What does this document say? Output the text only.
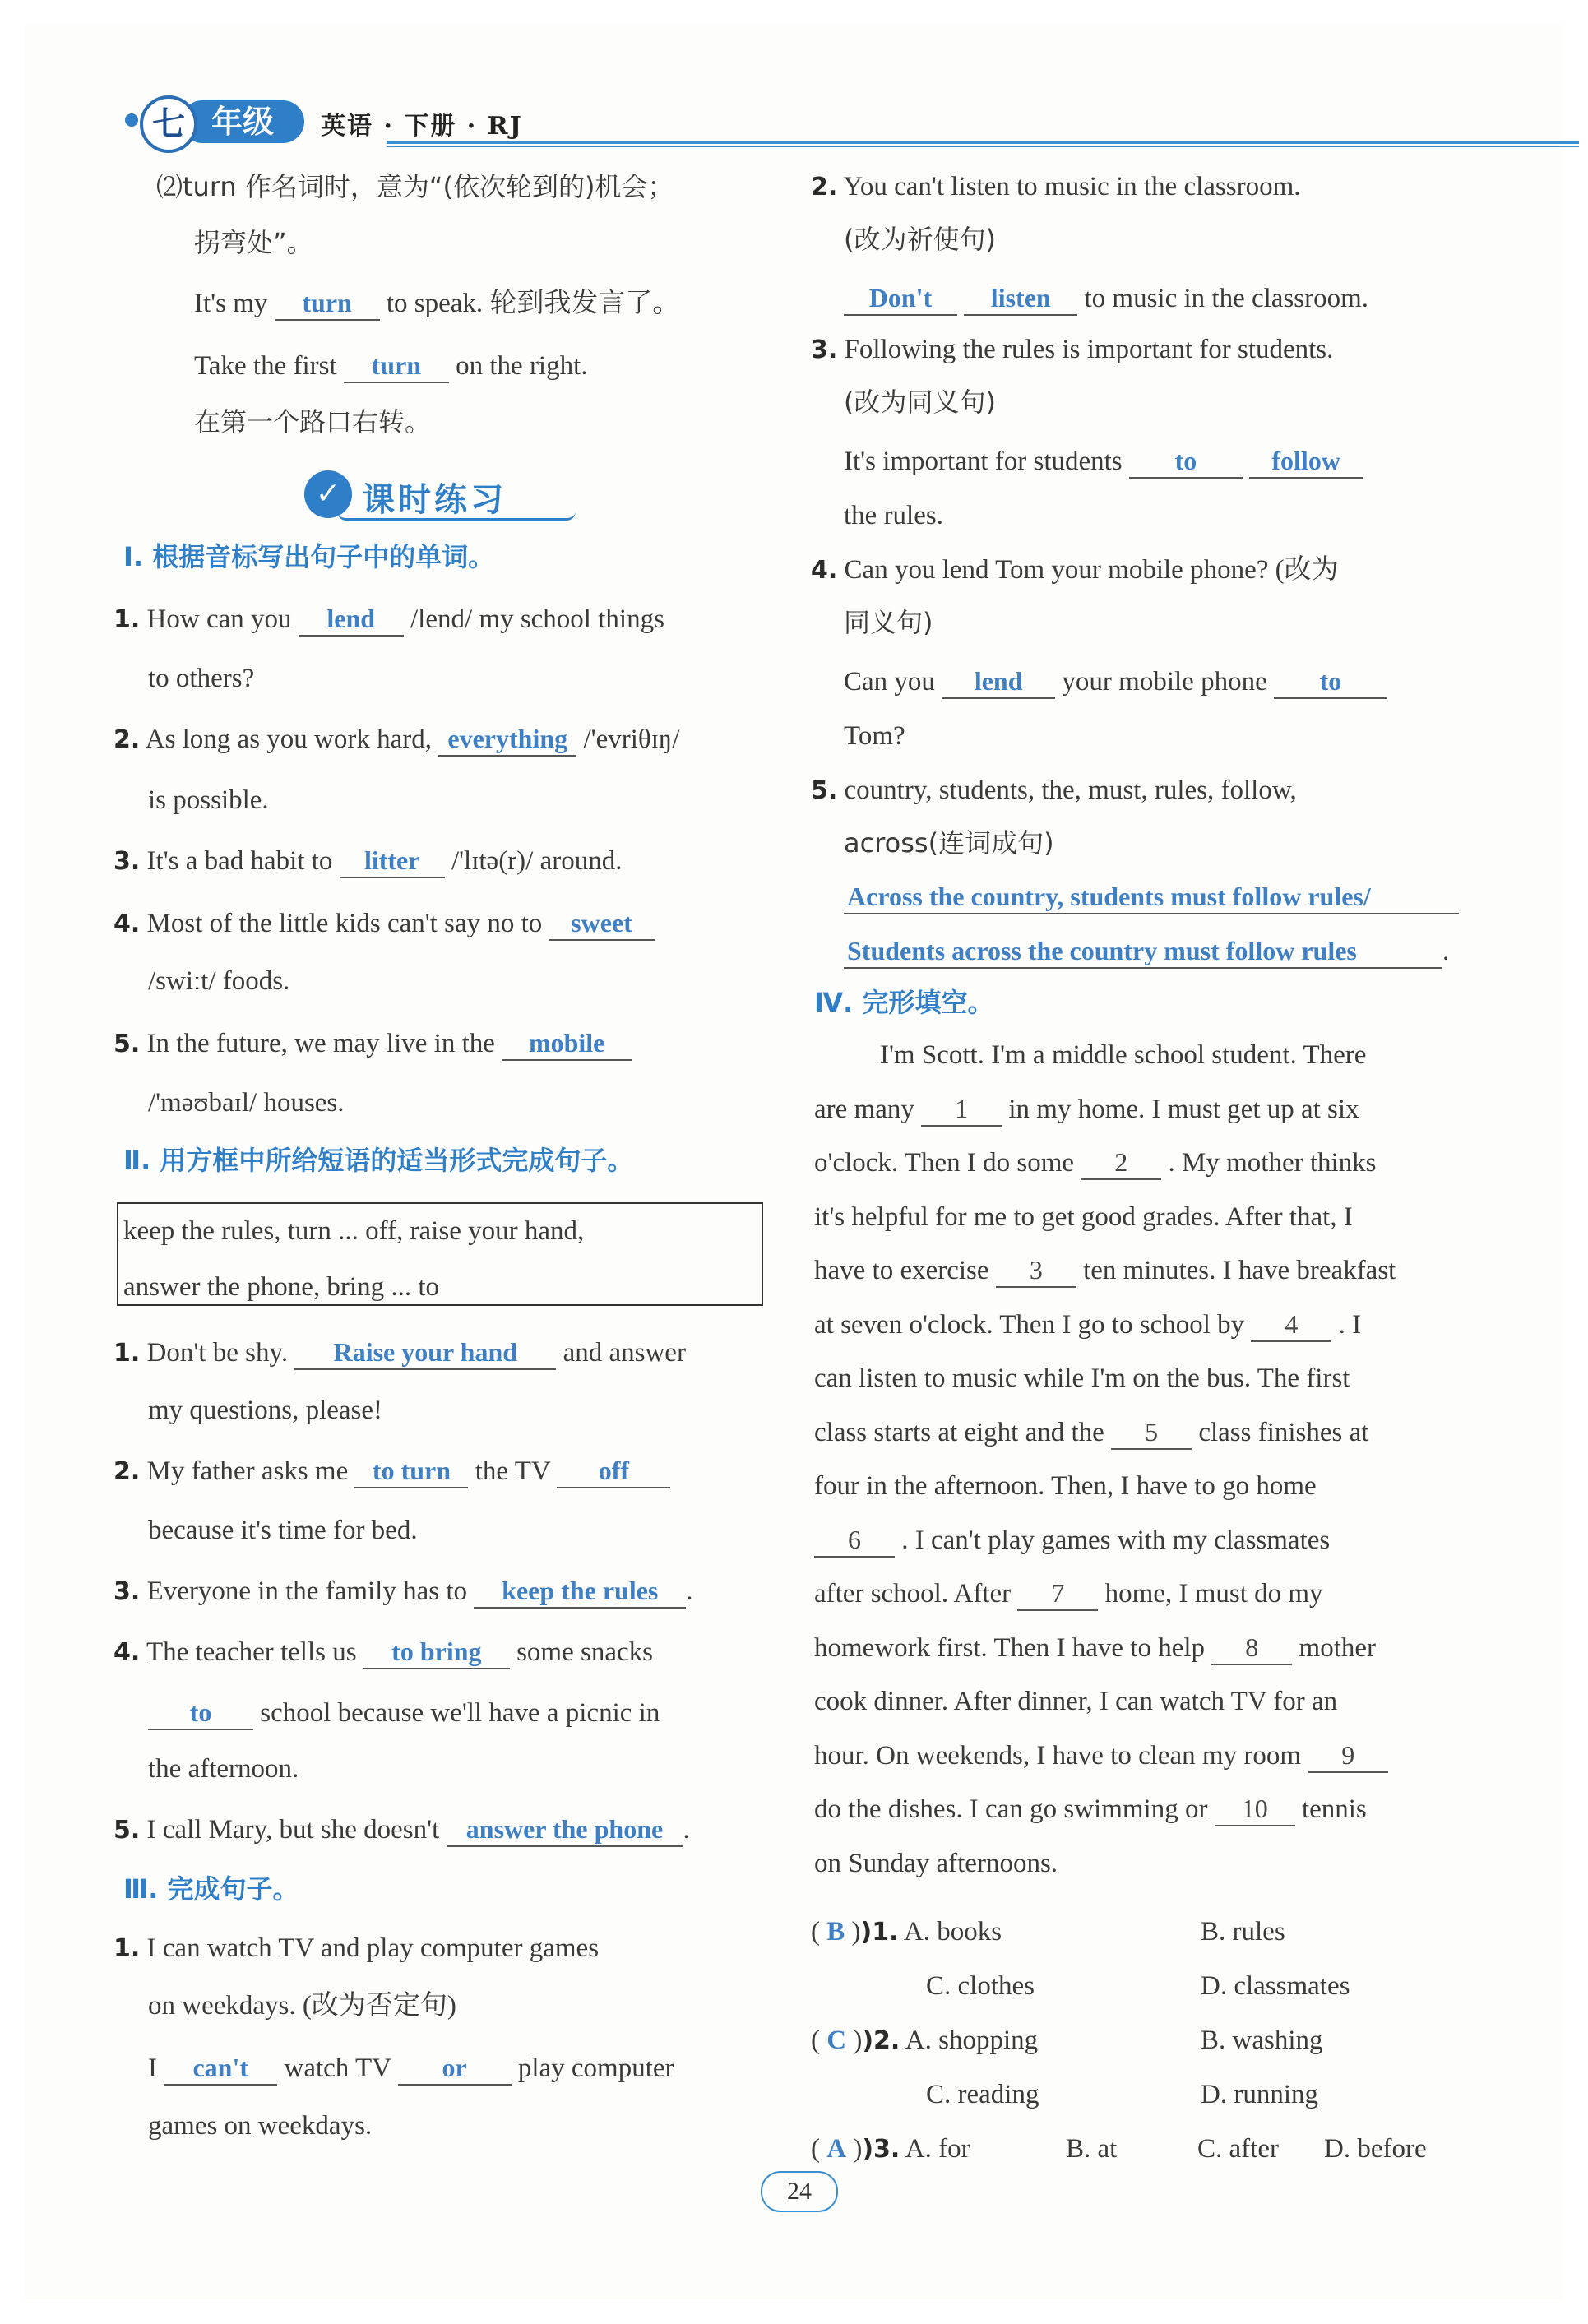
年级
七	英语 · 下册 · RJ
⑵turn 作名词时，意为“(依次轮到的)机会；
拐弯处”。
It's my turn to speak. 轮到我发言了。
Take the first turn on the right.
在第一个路口右转。
✓ 课时练习
Ⅰ. 根据音标写出句子中的单词。
1. How can you lend /lend/ my school things
to others?
2. As long as you work hard, everything /'evriθɪŋ/
is possible.
3. It's a bad habit to litter /'lɪtə(r)/ around.
4. Most of the little kids can't say no to sweet
/swiːt/ foods.
5. In the future, we may live in the mobile
/'məʊbaɪl/ houses.
Ⅱ. 用方框中所给短语的适当形式完成句子。
keep the rules, turn ... off, raise your hand,
answer the phone, bring ... to
1. Don't be shy. Raise your hand and answer
my questions, please!
2. My father asks me to turn the TV off
because it's time for bed.
3. Everyone in the family has to keep the rules .
4. The teacher tells us to bring some snacks
to school because we'll have a picnic in
the afternoon.
5. I call Mary, but she doesn't answer the phone .
Ⅲ. 完成句子。
1. I can watch TV and play computer games
on weekdays. (改为否定句)
I can't watch TV or play computer
games on weekdays.
2. You can't listen to music in the classroom.
(改为祈使句)
Don't listen to music in the classroom.
3. Following the rules is important for students.
(改为同义句)
It's important for students to	follow
the rules.
4. Can you lend Tom your mobile phone? (改为
同义句)
Can you lend your mobile phone to
Tom?
5. country, students, the, must, rules, follow,
across(连词成句)
Across the country, students must follow rules/
Students across the country must follow rules	.
Ⅳ. 完形填空。
I'm Scott. I'm a middle school student. There
are many 1 in my home. I must get up at six
o'clock. Then I do some 2 . My mother thinks
it's helpful for me to get good grades. After that, I
have to exercise 3 ten minutes. I have breakfast
at seven o'clock. Then I go to school by 4 . I
can listen to music while I'm on the bus. The first
class starts at eight and the 5 class finishes at
four in the afternoon. Then, I have to go home
6 . I can't play games with my classmates
after school. After 7 home, I must do my
homework first. Then I have to help 8 mother
cook dinner. After dinner, I can watch TV for an
hour. On weekends, I have to clean my room 9
do the dishes. I can go swimming or 10 tennis
on Sunday afternoons.
( B ))1. A. books	B. rules
C. clothes	D. classmates
( C ))2. A. shopping	B. washing
C. reading	D. running
( A ))3. A. for	B. at	C. after D. before
24
